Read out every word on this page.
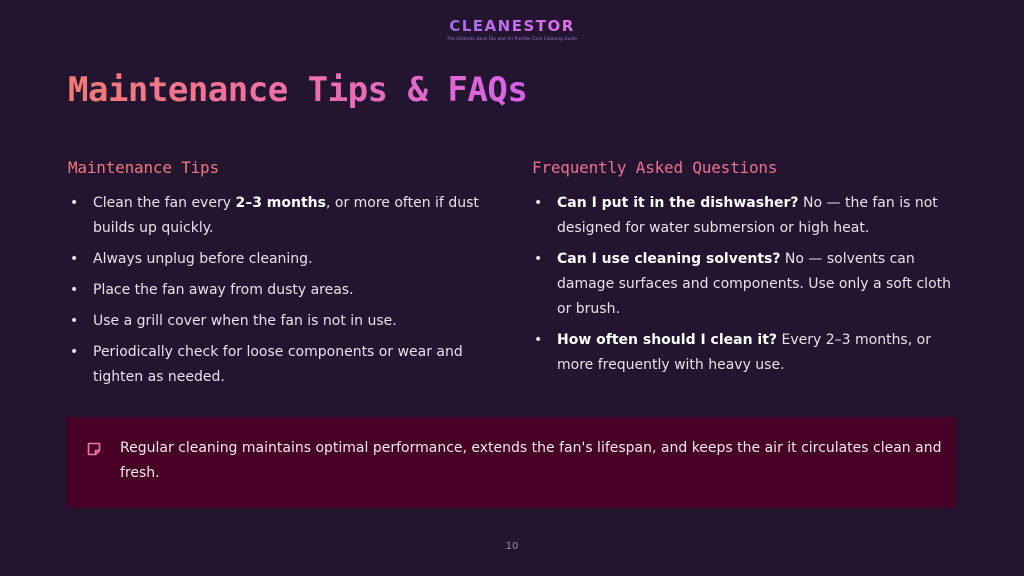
CLEANESTOR
The Ultimate Desk Fan and Air Purifier Care Cleaning Guide
Maintenance Tips & FAQs
Maintenance Tips
• Clean the fan every 2–3 months, or more often if dust builds up quickly.
• Always unplug before cleaning.
• Place the fan away from dusty areas.
• Use a grill cover when the fan is not in use.
• Periodically check for loose components or wear and tighten as needed.
Frequently Asked Questions
• Can I put it in the dishwasher? No — the fan is not designed for water submersion or high heat.
• Can I use cleaning solvents? No — solvents can damage surfaces and components. Use only a soft cloth or brush.
• How often should I clean it? Every 2–3 months, or more frequently with heavy use.
Regular cleaning maintains optimal performance, extends the fan's lifespan, and keeps the air it circulates clean and fresh.
10
